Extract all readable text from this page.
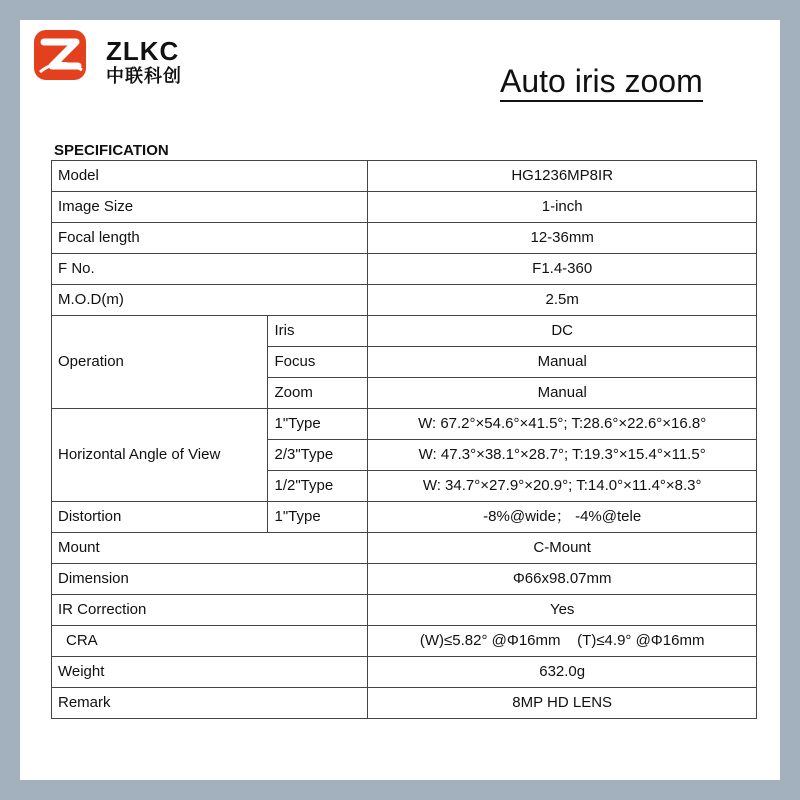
ZLKC
中联科创	Auto iris zoom
SPECIFICATION
Model		HG1236MP8IR
Image Size		1-inch
Focal length		12-36mm
F No.		F1.4-360
M.O.D(m)		2.5m
Operation	Iris	DC
	Focus	Manual
	Zoom	Manual
Horizontal Angle of View	1"Type	W: 67.2°×54.6°×41.5°; T:28.6°×22.6°×16.8°
	2/3"Type	W: 47.3°×38.1°×28.7°; T:19.3°×15.4°×11.5°
	1/2"Type	W: 34.7°×27.9°×20.9°; T:14.0°×11.4°×8.3°
Distortion	1"Type	-8%@wide； -4%@tele
Mount		C-Mount
Dimension		Φ66x98.07mm
IR Correction		Yes
CRA		(W)≤5.82° @Φ16mm    (T)≤4.9° @Φ16mm
Weight		632.0g
Remark		8MP HD LENS
